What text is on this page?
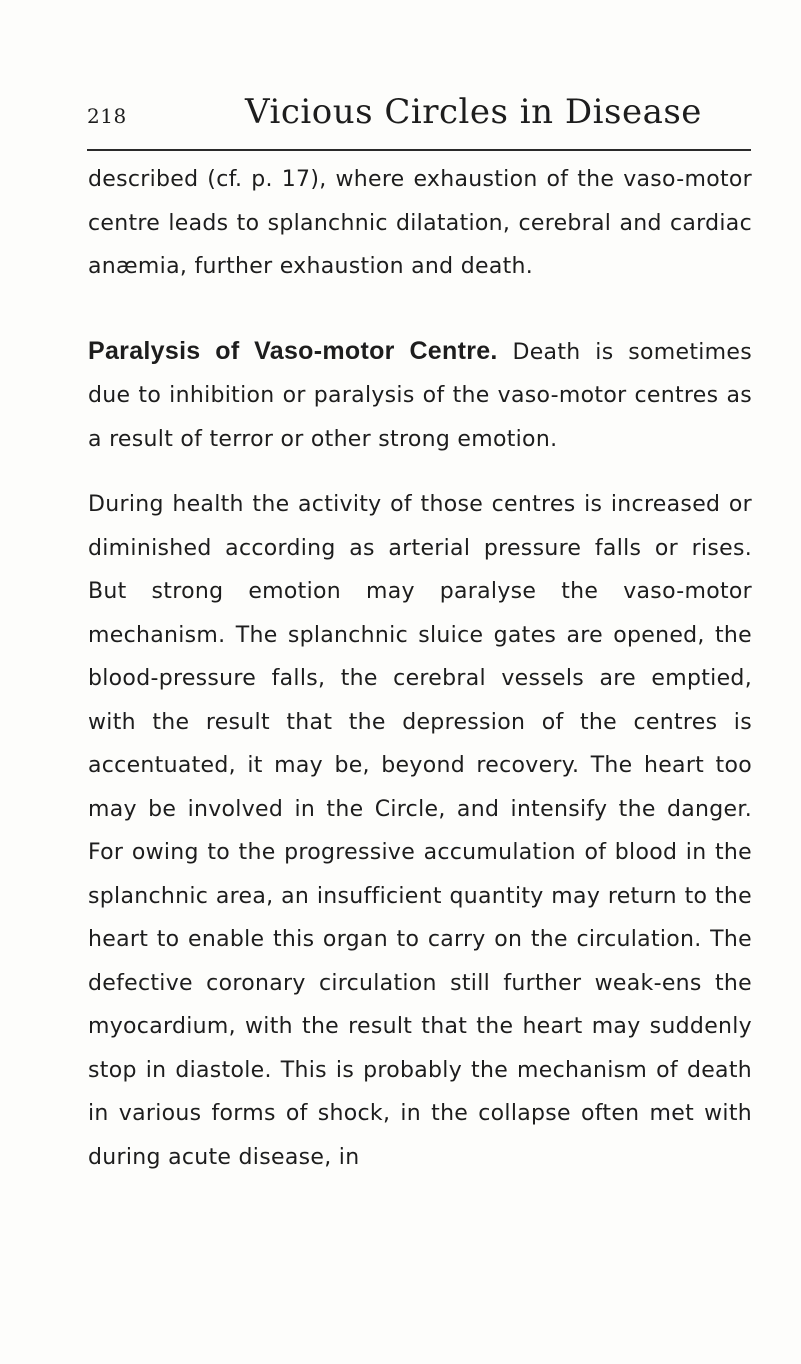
218	Vicious Circles in Disease

described (cf. p. 17), where exhaustion of the vaso-motor centre leads to splanchnic dilatation, cerebral and cardiac anæmia, further exhaustion and death.

Paralysis of Vaso-motor Centre. Death is sometimes due to inhibition or paralysis of the vaso-motor centres as a result of terror or other strong emotion.

During health the activity of those centres is increased or diminished according as arterial pressure falls or rises. But strong emotion may paralyse the vaso-motor mechanism. The splanchnic sluice gates are opened, the blood-pressure falls, the cerebral vessels are emptied, with the result that the depression of the centres is accentuated, it may be, beyond recovery. The heart too may be involved in the Circle, and intensify the danger. For owing to the progressive accumulation of blood in the splanchnic area, an insufficient quantity may return to the heart to enable this organ to carry on the circulation. The defective coronary circulation still further weak-ens the myocardium, with the result that the heart may suddenly stop in diastole. This is probably the mechanism of death in various forms of shock, in the collapse often met with during acute disease, in
